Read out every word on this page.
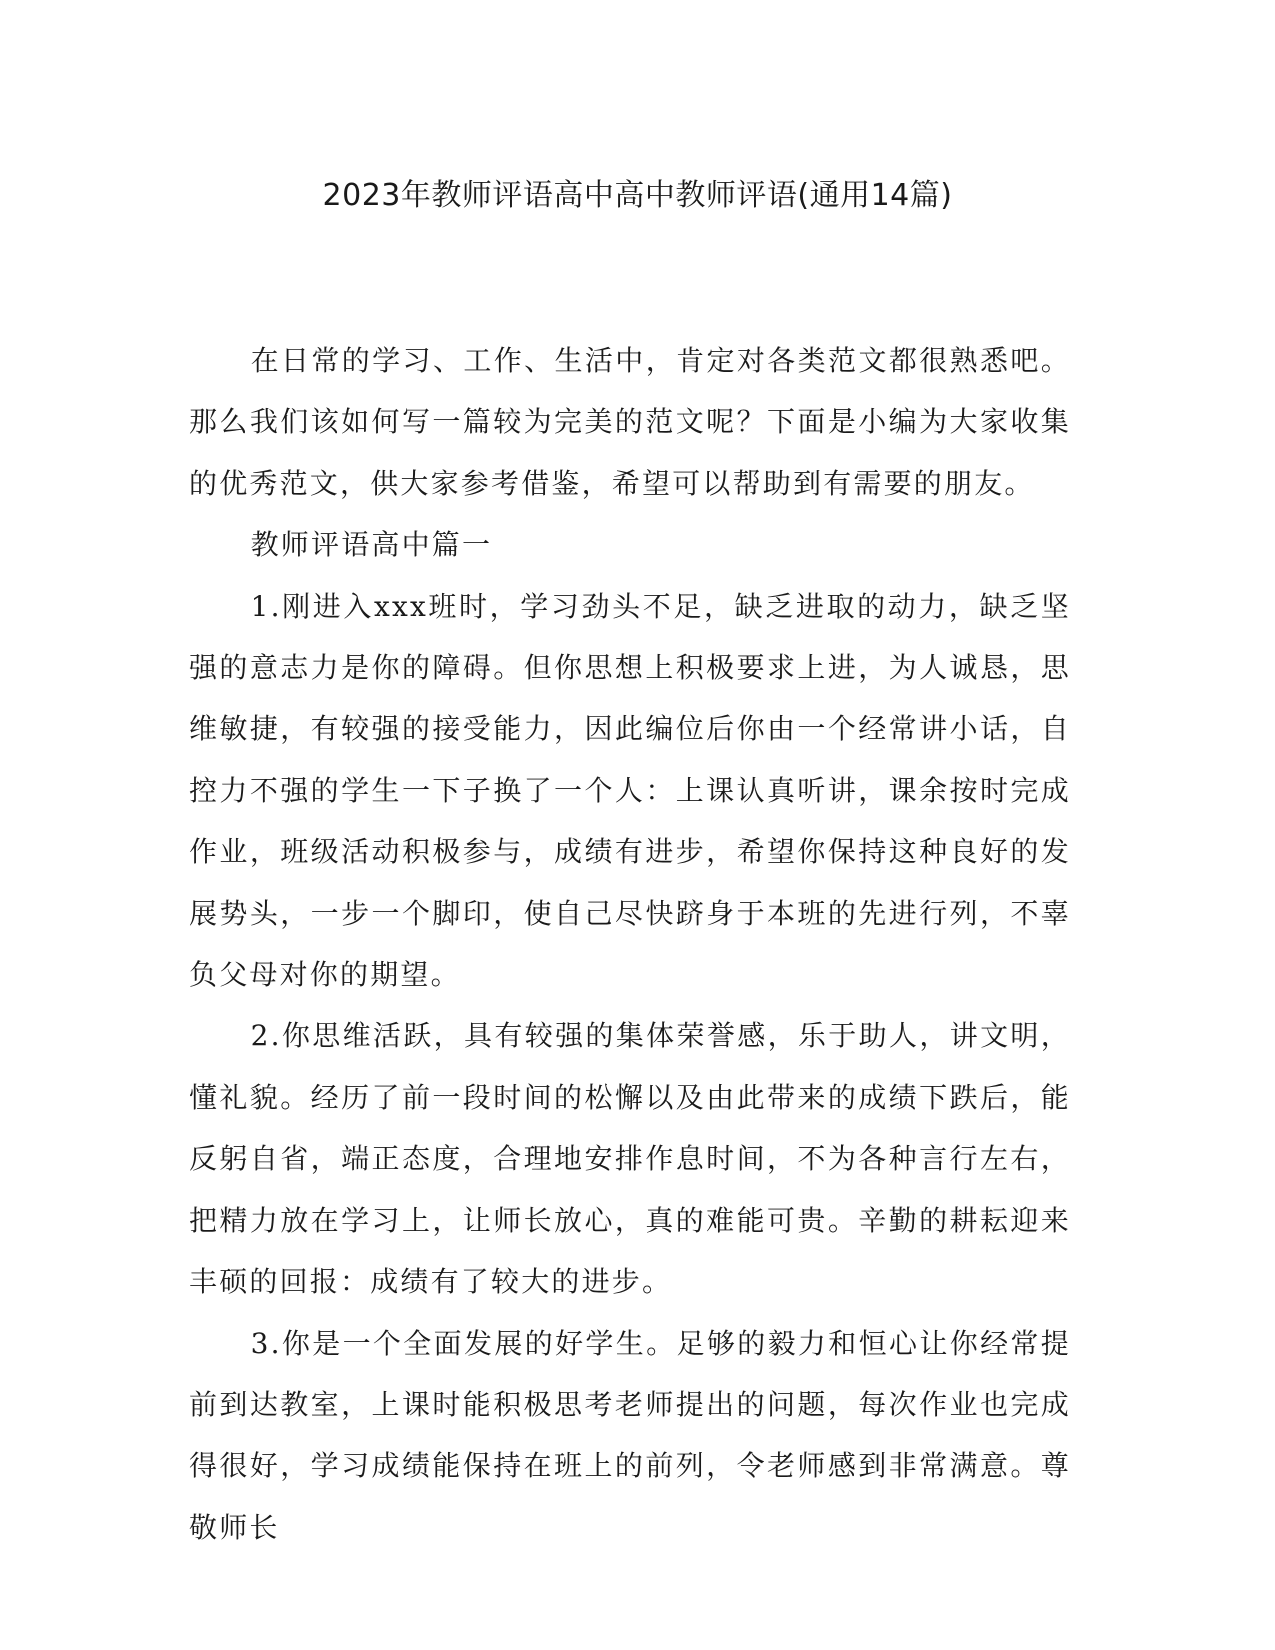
2023年教师评语高中高中教师评语(通用14篇)

在日常的学习、工作、生活中，肯定对各类范文都很熟悉吧。那么我们该如何写一篇较为完美的范文呢？下面是小编为大家收集的优秀范文，供大家参考借鉴，希望可以帮助到有需要的朋友。

教师评语高中篇一

1.刚进入xxx班时，学习劲头不足，缺乏进取的动力，缺乏坚强的意志力是你的障碍。但你思想上积极要求上进，为人诚恳，思维敏捷，有较强的接受能力，因此编位后你由一个经常讲小话，自控力不强的学生一下子换了一个人：上课认真听讲，课余按时完成作业，班级活动积极参与，成绩有进步，希望你保持这种良好的发展势头，一步一个脚印，使自己尽快跻身于本班的先进行列，不辜负父母对你的期望。

2.你思维活跃，具有较强的集体荣誉感，乐于助人，讲文明，懂礼貌。经历了前一段时间的松懈以及由此带来的成绩下跌后，能反躬自省，端正态度，合理地安排作息时间，不为各种言行左右，把精力放在学习上，让师长放心，真的难能可贵。辛勤的耕耘迎来丰硕的回报：成绩有了较大的进步。

3.你是一个全面发展的好学生。足够的毅力和恒心让你经常提前到达教室，上课时能积极思考老师提出的问题，每次作业也完成得很好，学习成绩能保持在班上的前列，令老师感到非常满意。尊敬师长
